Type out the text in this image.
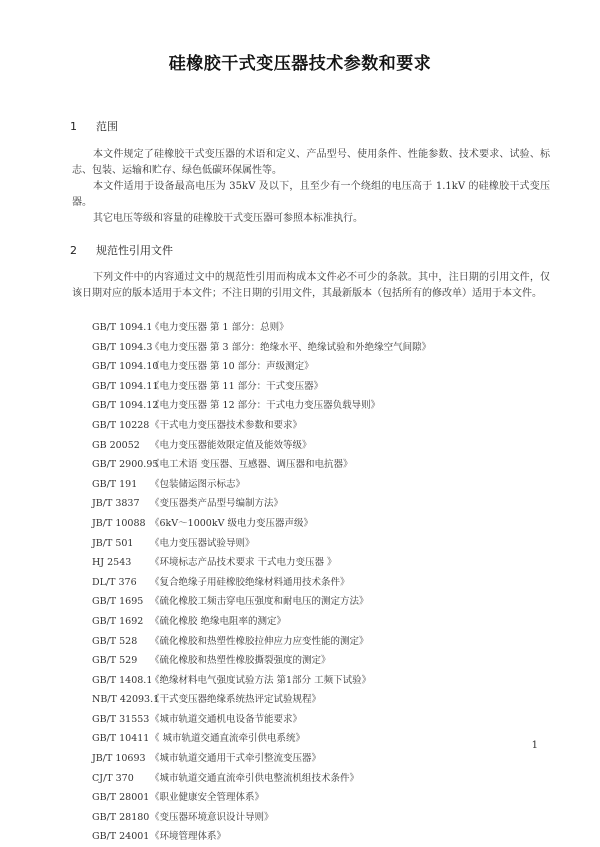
硅橡胶干式变压器技术参数和要求
1 范围

本文件规定了硅橡胶干式变压器的术语和定义、产品型号、使用条件、性能参数、技术要求、试验、标志、包装、运输和贮存、绿色低碳环保属性等。

本文件适用于设备最高电压为 35kV 及以下，且至少有一个绕组的电压高于 1.1kV 的硅橡胶干式变压器。

其它电压等级和容量的硅橡胶干式变压器可参照本标准执行。

2 规范性引用文件

下列文件中的内容通过文中的规范性引用而构成本文件必不可少的条款。其中，注日期的引用文件，仅该日期对应的版本适用于本文件；不注日期的引用文件，其最新版本（包括所有的修改单）适用于本文件。

GB/T 1094.1《电力变压器 第 1 部分：总则》
GB/T 1094.3《电力变压器 第 3 部分：绝缘水平、绝缘试验和外绝缘空气间隙》
GB/T 1094.10《电力变压器 第 10 部分：声级测定》
GB/T 1094.11《电力变压器 第 11 部分：干式变压器》
GB/T 1094.12《电力变压器 第 12 部分：干式电力变压器负载导则》
GB/T 10228《干式电力变压器技术参数和要求》
GB 20052 《电力变压器能效限定值及能效等级》
GB/T 2900.95《电工术语 变压器、互感器、调压器和电抗器》
GB/T 191 《包装储运图示标志》
JB/T 3837 《变压器类产品型号编制方法》
JB/T 10088 《6kV～1000kV 级电力变压器声级》
JB/T 501 《电力变压器试验导则》
HJ 2543 《环境标志产品技术要求 干式电力变压器 》
DL/T 376 《复合绝缘子用硅橡胶绝缘材料通用技术条件》
GB/T 1695 《硫化橡胶工频击穿电压强度和耐电压的测定方法》
GB/T 1692 《硫化橡胶 绝缘电阻率的测定》
GB/T 528 《硫化橡胶和热塑性橡胶拉伸应力应变性能的测定》
GB/T 529 《硫化橡胶和热塑性橡胶撕裂强度的测定》
GB/T 1408.1《绝缘材料电气强度试验方法 第1部分 工频下试验》
NB/T 42093.1《干式变压器绝缘系统热评定试验规程》
GB/T 31553《城市轨道交通机电设备节能要求》
GB/T 10411《 城市轨道交通直流牵引供电系统》
JB/T 10693 《城市轨道交通用干式牵引整流变压器》
CJ/T 370 《城市轨道交通直流牵引供电整流机组技术条件》
GB/T 28001《职业健康安全管理体系》
GB/T 28180《变压器环境意识设计导则》
GB/T 24001《环境管理体系》
1
